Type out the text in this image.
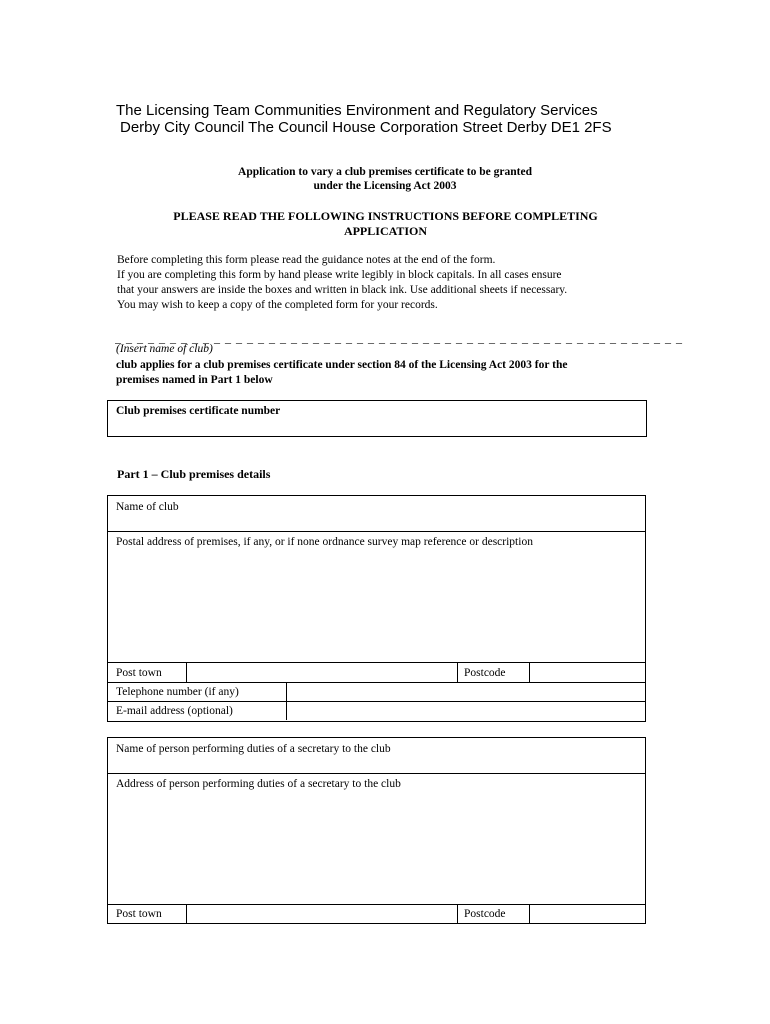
The Licensing Team Communities Environment and Regulatory Services
Derby City Council The Council House Corporation Street Derby DE1 2FS
Application to vary a club premises certificate to be granted
under the Licensing Act 2003
PLEASE READ THE FOLLOWING INSTRUCTIONS BEFORE COMPLETING
APPLICATION
Before completing this form please read the guidance notes at the end of the form.
If you are completing this form by hand please write legibly in block capitals. In all cases ensure
that your answers are inside the boxes and written in black ink. Use additional sheets if necessary.
You may wish to keep a copy of the completed form for your records.
_ _ _ _ _ _ _ _ _ _ _ _ _ _ _ _ _ _ _ _ _ _ _ _ _ _ _ _ _ _ _ _ _ _ _ _ _ _ _ _ _ _ _ _ _ _ _ _ _ _ _ _
(Insert name of club)
club applies for a club premises certificate under section 84 of the Licensing Act 2003 for the
premises named in Part 1 below
Club premises certificate number
Part 1 – Club premises details
Name of club
Postal address of premises, if any, or if none ordnance survey map reference or description
Post town	Postcode
Telephone number (if any)
E-mail address (optional)
Name of person performing duties of a secretary to the club
Address of person performing duties of a secretary to the club
Post town	Postcode
